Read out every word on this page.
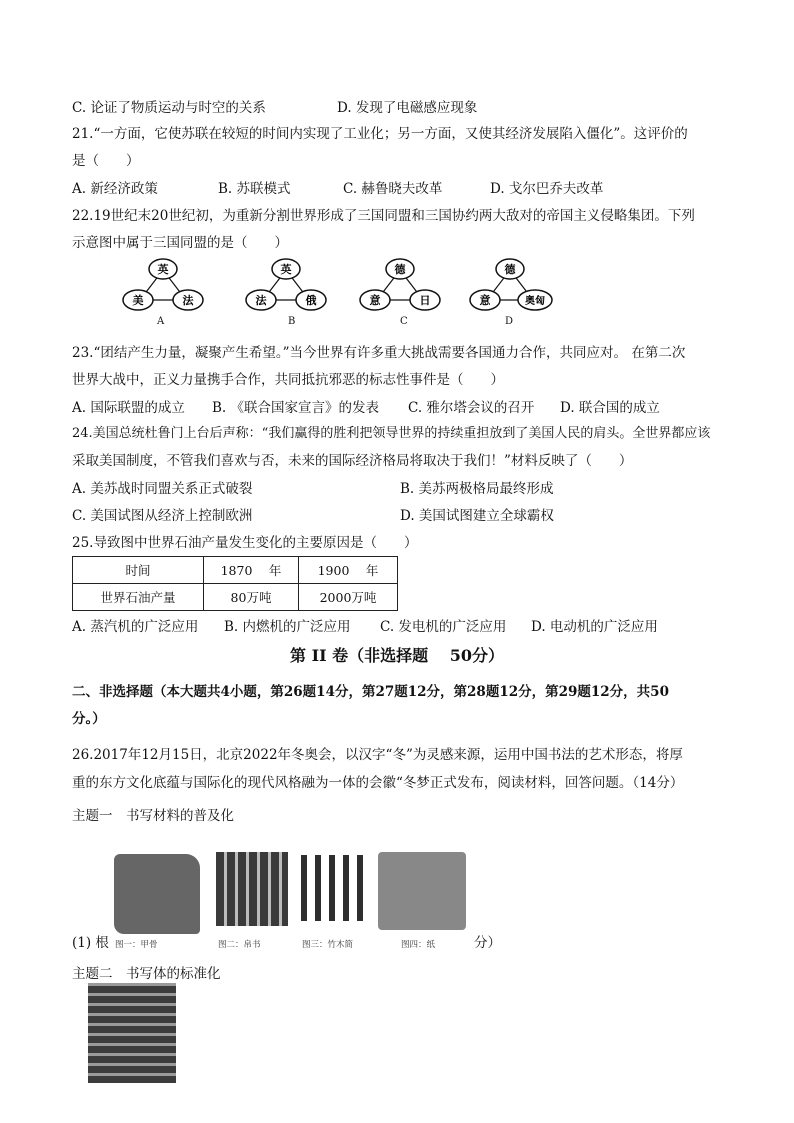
C. 论证了物质运动与时空的关系	D. 发现了电磁感应现象
21.“一方面，它使苏联在较短的时间内实现了工业化；另一方面，又使其经济发展陷入僵化”。这评价的
是（　　）
A. 新经济政策	B. 苏联模式	C. 赫鲁晓夫改革	D. 戈尔巴乔夫改革
22.19世纪末20世纪初，为重新分割世界形成了三国同盟和三国协约两大敌对的帝国主义侵略集团。下列
示意图中属于三国同盟的是（　　）
英
美	法
A
英
法	俄
B
德
意	日
C
德
意	奥匈
D
23.“团结产生力量，凝聚产生希望。”当今世界有许多重大挑战需要各国通力合作，共同应对。 在第二次
世界大战中，正义力量携手合作，共同抵抗邪恶的标志性事件是（　　）
A. 国际联盟的成立 B. 《联合国家宣言》的发表 C. 雅尔塔会议的召开 D. 联合国的成立
24.美国总统杜鲁门上台后声称：“我们赢得的胜利把领导世界的持续重担放到了美国人民的肩头。全世界都应该
采取美国制度，不管我们喜欢与否，未来的国际经济格局将取决于我们！”材料反映了（　　）
A. 美苏战时同盟关系正式破裂	B. 美苏两极格局最终形成
C. 美国试图从经济上控制欧洲	D. 美国试图建立全球霸权
25.导致图中世界石油产量发生变化的主要原因是（　　）
时间	1870　 年	1900　 年
世界石油产量	80万吨	2000万吨
A. 蒸汽机的广泛应用 B. 内燃机的广泛应用 C. 发电机的广泛应用 D. 电动机的广泛应用
第 II 卷（非选择题　 50分）
二、非选择题（本大题共4小题，第26题14分，第27题12分，第28题12分，第29题12分，共50
分。）
26.2017年12月15日，北京2022年冬奥会，以汉字“冬”为灵感来源，运用中国书法的艺术形态，将厚
重的东方文化底蕴与国际化的现代风格融为一体的会徽“冬梦正式发布，阅读材料，回答问题。（14分）
主题一　书写材料的普及化
图一：甲骨	图二：帛书	图三：竹木简	图四：纸
(1) 根	分）
主题二　书写体的标准化
